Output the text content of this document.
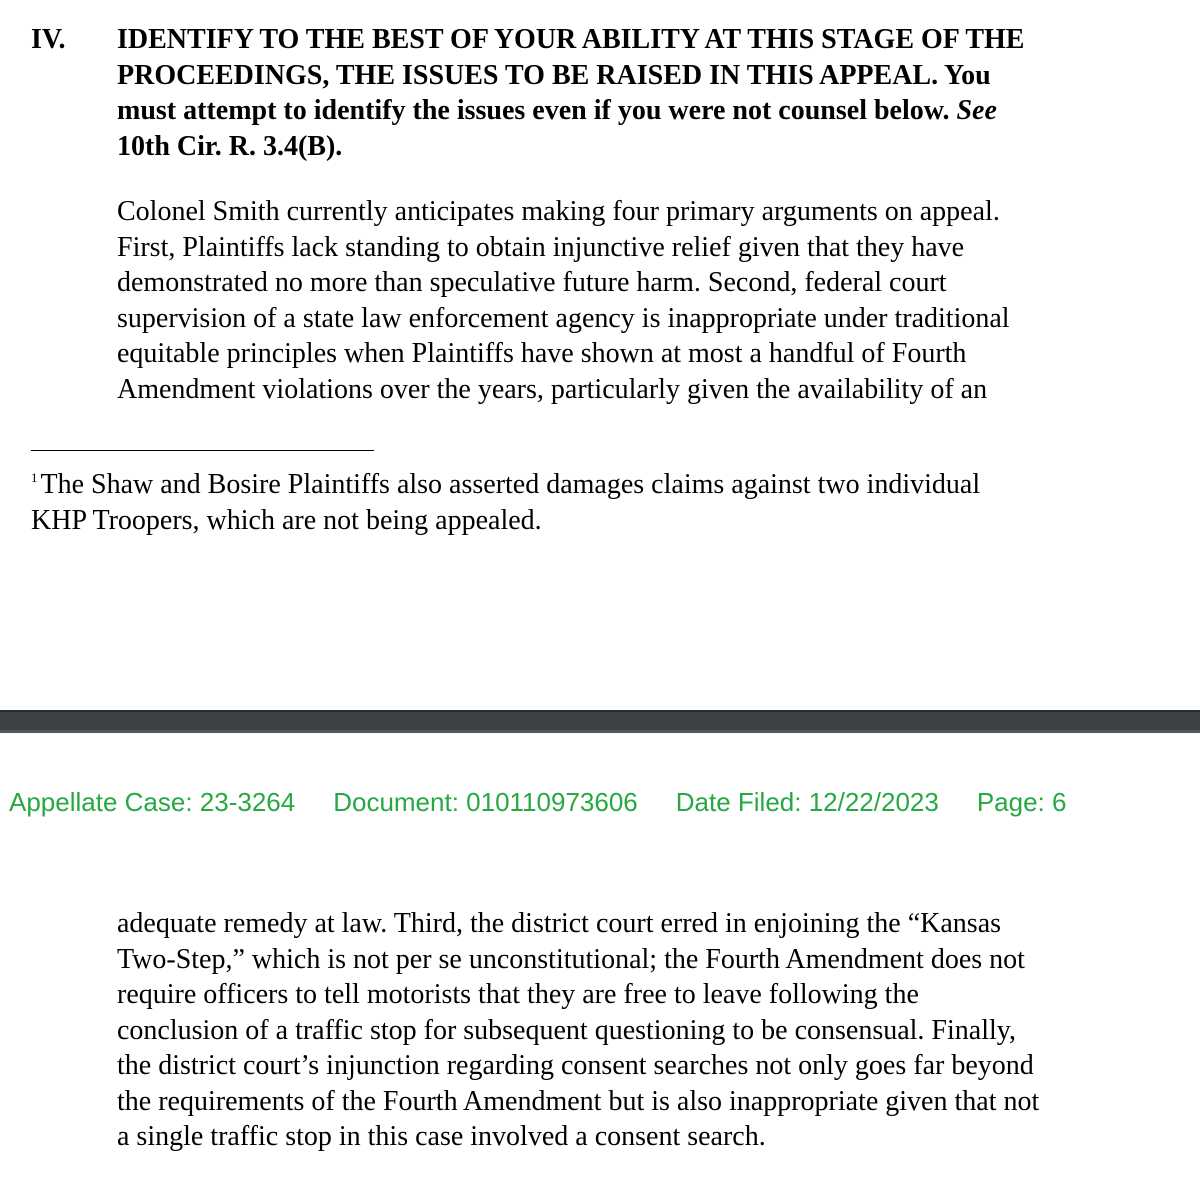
IV. IDENTIFY TO THE BEST OF YOUR ABILITY AT THIS STAGE OF THE
PROCEEDINGS, THE ISSUES TO BE RAISED IN THIS APPEAL. You
must attempt to identify the issues even if you were not counsel below. See
10th Cir. R. 3.4(B).
Colonel Smith currently anticipates making four primary arguments on appeal.
First, Plaintiffs lack standing to obtain injunctive relief given that they have
demonstrated no more than speculative future harm. Second, federal court
supervision of a state law enforcement agency is inappropriate under traditional
equitable principles when Plaintiffs have shown at most a handful of Fourth
Amendment violations over the years, particularly given the availability of an
$^1$ The Shaw and Bosire Plaintiffs also asserted damages claims against two individual
KHP Troopers, which are not being appealed.
Appellate Case: 23-3264 Document: 010110973606 Date Filed: 12/22/2023 Page: 6
adequate remedy at law. Third, the district court erred in enjoining the “Kansas
Two-Step,” which is not per se unconstitutional; the Fourth Amendment does not
require officers to tell motorists that they are free to leave following the
conclusion of a traffic stop for subsequent questioning to be consensual. Finally,
the district court’s injunction regarding consent searches not only goes far beyond
the requirements of the Fourth Amendment but is also inappropriate given that not
a single traffic stop in this case involved a consent search.
